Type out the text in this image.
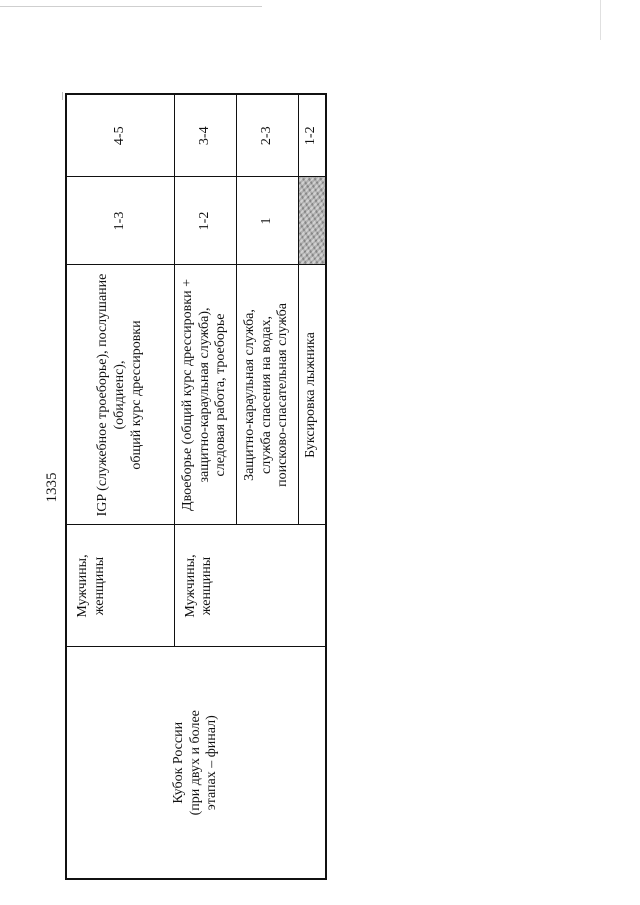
1335
Кубок России
(при двух и более
этапах – финал)	Мужчины,
женщины	IGP (служебное троеборье), послушание
(обидиенс),
общий курс дрессировки	1-3	4-5
	Мужчины,
женщины	Двоеборье (общий курс дрессировки +
защитно-караульная служба),
следовая работа, троеборье	1-2	3-4
		Защитно-караульная служба,
служба спасения на водах,
поисково-спасательная служба	1	2-3
		Буксировка лыжника		1-2
